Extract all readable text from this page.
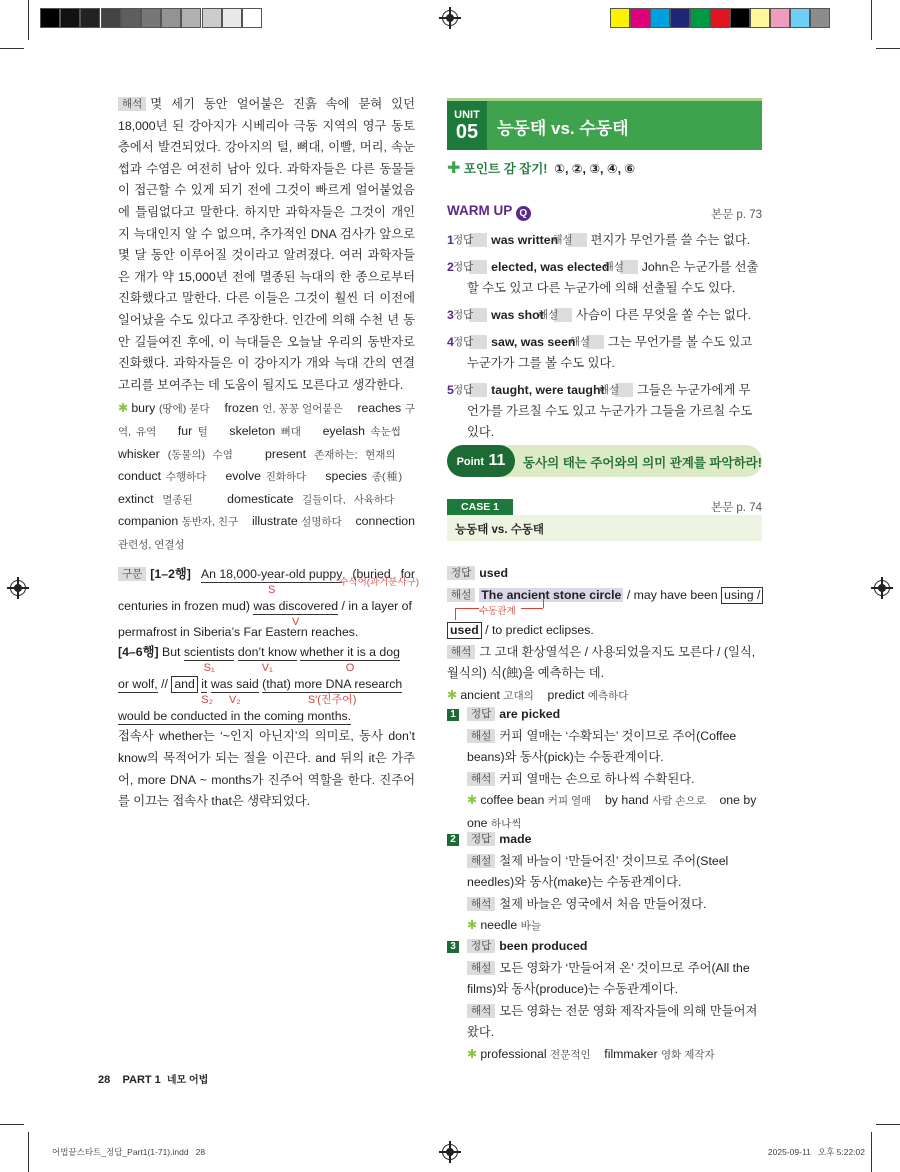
해석 몇 세기 동안 얼어붙은 진흙 속에 묻혀 있던 18,000년 된 강아지가 시베리아 극동 지역의 영구 동토층에서 발견되었다. 강아지의 털, 뼈대, 이빨, 머리, 속눈썹과 수염은 여전히 남아 있다. 과학자들은 다른 동물들이 접근할 수 있게 되기 전에 그것이 빠르게 얼어붙었음에 틀림없다고 말한다. 하지만 과학자들은 그것이 개인지 늑대인지 알 수 없으며, 추가적인 DNA 검사가 앞으로 몇 달 동안 이루어질 것이라고 알려졌다. 여러 과학자들은 개가 약 15,000년 전에 멸종된 늑대의 한 종으로부터 진화했다고 말한다. 다른 이들은 그것이 훨씬 더 이전에 일어났을 수도 있다고 주장한다. 인간에 의해 수천 년 동안 길들여진 후에, 이 늑대들은 오늘날 우리의 동반자로 진화했다. 과학자들은 이 강아지가 개와 늑대 간의 연결 고리를 보여주는 데 도움이 될지도 모른다고 생각한다.

✱ bury (땅에) 묻다 frozen 언, 꽁꽁 얼어붙은 reaches 구역, 유역 fur 털 skeleton 뼈대 eyelash 속눈썹    whisker (동물의) 수염	present 존재하는; 현재의    conduct 수행하다 evolve 진화하다 species 종(種)    extinct 멸종된	domesticate 길들이다, 사육하다    companion 동반자, 친구 illustrate 설명하다 connection 관련성, 연결성

구문 [1–2행] An 18,000-year-old puppy
S
(buried for centuries in frozen mud) was discovered
V
/ in a layer of
수식어(과거분사구)
permafrost in Siberia’s Far Eastern reaches.
[4–6행] But scientists
S₁
don’t know
V₁
whether it is a dog
O
or wolf, // and it
S₂
was said
V₂
(that) more DNA research
S′(진주어)
would be conducted in the coming months.

접속사 whether는 ‘~인지 아닌지’의 의미로, 동사 don’t know의 목적어가 되는 절을 이끈다. and 뒤의 it은 가주어, more DNA ~ months가 진주어 역할을 한다. 진주어를 이끄는 접속사 that은 생략되었다.

UNIT
05	능동태 vs. 수동태
✚ 포인트 감 잡기! ①, ②, ③, ④, ⑥
WARM UP Q	본문 p. 73
1정답 was written   해설 편지가 무언가를 쓸 수는 없다.
2정답 elected, was elected   해설 John은 누군가를 선출할 수도 있고 다른 누군가에 의해 선출될 수도 있다.
3정답 was shot   해설 사슴이 다른 무엇을 쏠 수는 없다.
4정답 saw, was seen   해설 그는 무언가를 볼 수도 있고 누군가가 그를 볼 수도 있다.
5정답 taught, were taught   해설 그들은 누군가에게 무언가를 가르칠 수도 있고 누군가가 그들을 가르칠 수도 있다.
Point 11	동사의 태는 주어와의 의미 관계를 파악하라!
CASE 1	본문 p. 74
능동태 vs. 수동태
정답 used
해설 The ancient stone circle / may have been using /
수동관계
used / to predict eclipses.
해석 그 고대 환상열석은 / 사용되었을지도 모른다 / (일식, 월식의) 식(蝕)을 예측하는 데.
✱ ancient 고대의 predict 예측하다
1 정답 are picked
해설 커피 열매는 ‘수확되는’ 것이므로 주어(Coffee beans)와 동사(pick)는 수동관계이다.
해석 커피 열매는 손으로 하나씩 수확된다.
✱ coffee bean 커피 열매 by hand 사람 손으로 one by one 하나씩
2 정답 made
해설 철제 바늘이 ‘만들어진’ 것이므로 주어(Steel needles)와 동사(make)는 수동관계이다.
해석 철제 바늘은 영국에서 처음 만들어졌다.
✱ needle 바늘
3 정답 been produced
해설 모든 영화가 ‘만들어져 온’ 것이므로 주어(All the films)와 동사(produce)는 수동관계이다.
해석 모든 영화는 전문 영화 제작자들에 의해 만들어져 왔다.
✱ professional 전문적인 filmmaker 영화 제작자
28 PART 1 네모 어법
어법끝스타트_정답_Part1(1-71).indd   28	2025-09-11   오후 5:22:02
